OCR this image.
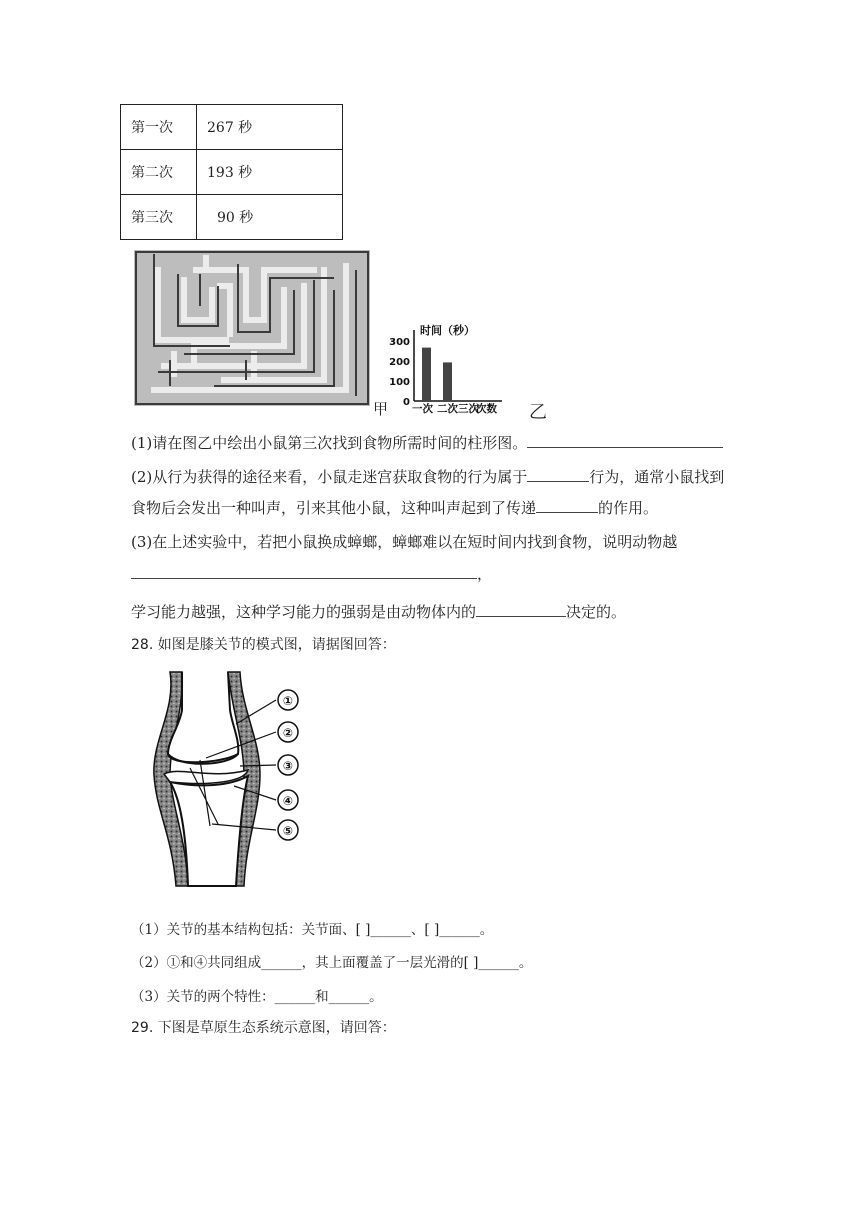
第一次	267 秒
第二次	193 秒
第三次	90 秒
甲
时间（秒）
300
200
100
0
一次 二次 三次
次数 乙
(1)请在图乙中绘出小鼠第三次找到食物所需时间的柱形图。
(2)从行为获得的途径来看，小鼠走迷宫获取食物的行为属于	行为，通常小鼠找到
食物后会发出一种叫声，引来其他小鼠，这种叫声起到了传递	的作用。
(3)在上述实验中，若把小鼠换成蟑螂，蟑螂难以在短时间内找到食物，说明动物越
，
学习能力越强，这种学习能力的强弱是由动物体内的	决定的。
28. 如图是膝关节的模式图，请据图回答：
①
②
③
④
⑤
（1）关节的基本结构包括：关节面、[ ]______、[ ]______。
（2）①和④共同组成______，其上面覆盖了一层光滑的[ ]______。
（3）关节的两个特性：______和______。
29. 下图是草原生态系统示意图，请回答：
